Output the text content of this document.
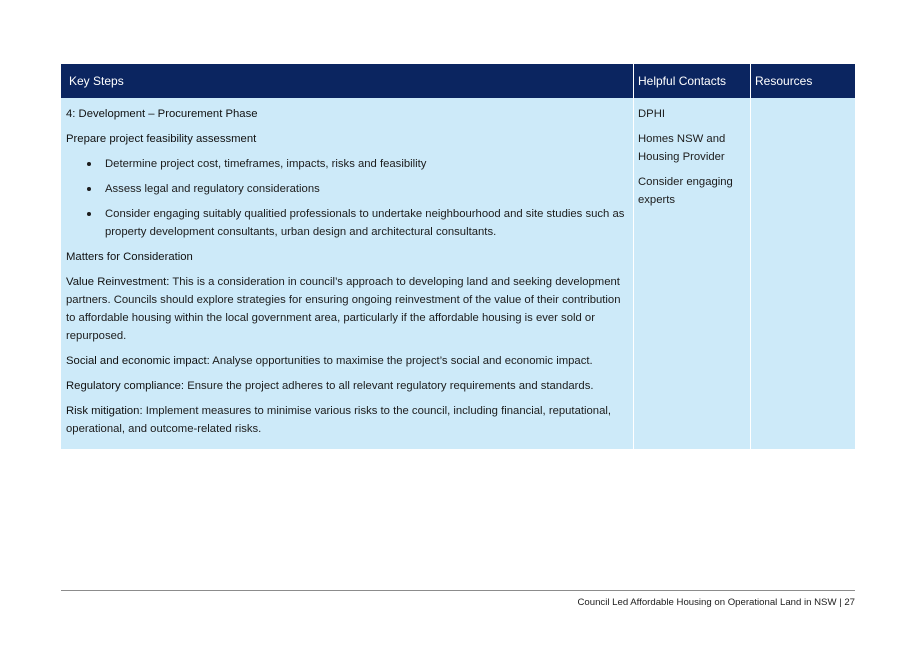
Key Steps	Helpful Contacts Resources

4: Development – Procurement Phase

Prepare project feasibility assessment

Determine project cost, timeframes, impacts, risks and feasibility
Assess legal and regulatory considerations
Consider engaging suitably qualitied professionals to undertake neighbourhood and site studies such as property development consultants, urban design and architectural consultants.

Matters for Consideration

Value Reinvestment: This is a consideration in council’s approach to developing land and seeking development partners. Councils should explore strategies for ensuring ongoing reinvestment of the value of their contribution to affordable housing within the local government area, particularly if the affordable housing is ever sold or repurposed.

Social and economic impact: Analyse opportunities to maximise the project’s social and economic impact.

Regulatory compliance: Ensure the project adheres to all relevant regulatory requirements and standards.

Risk mitigation: Implement measures to minimise various risks to the council, including financial, reputational, operational, and outcome-related risks.

DPHI

Homes NSW and Housing Provider

Consider engaging experts

Council Led Affordable Housing on Operational Land in NSW | 27
